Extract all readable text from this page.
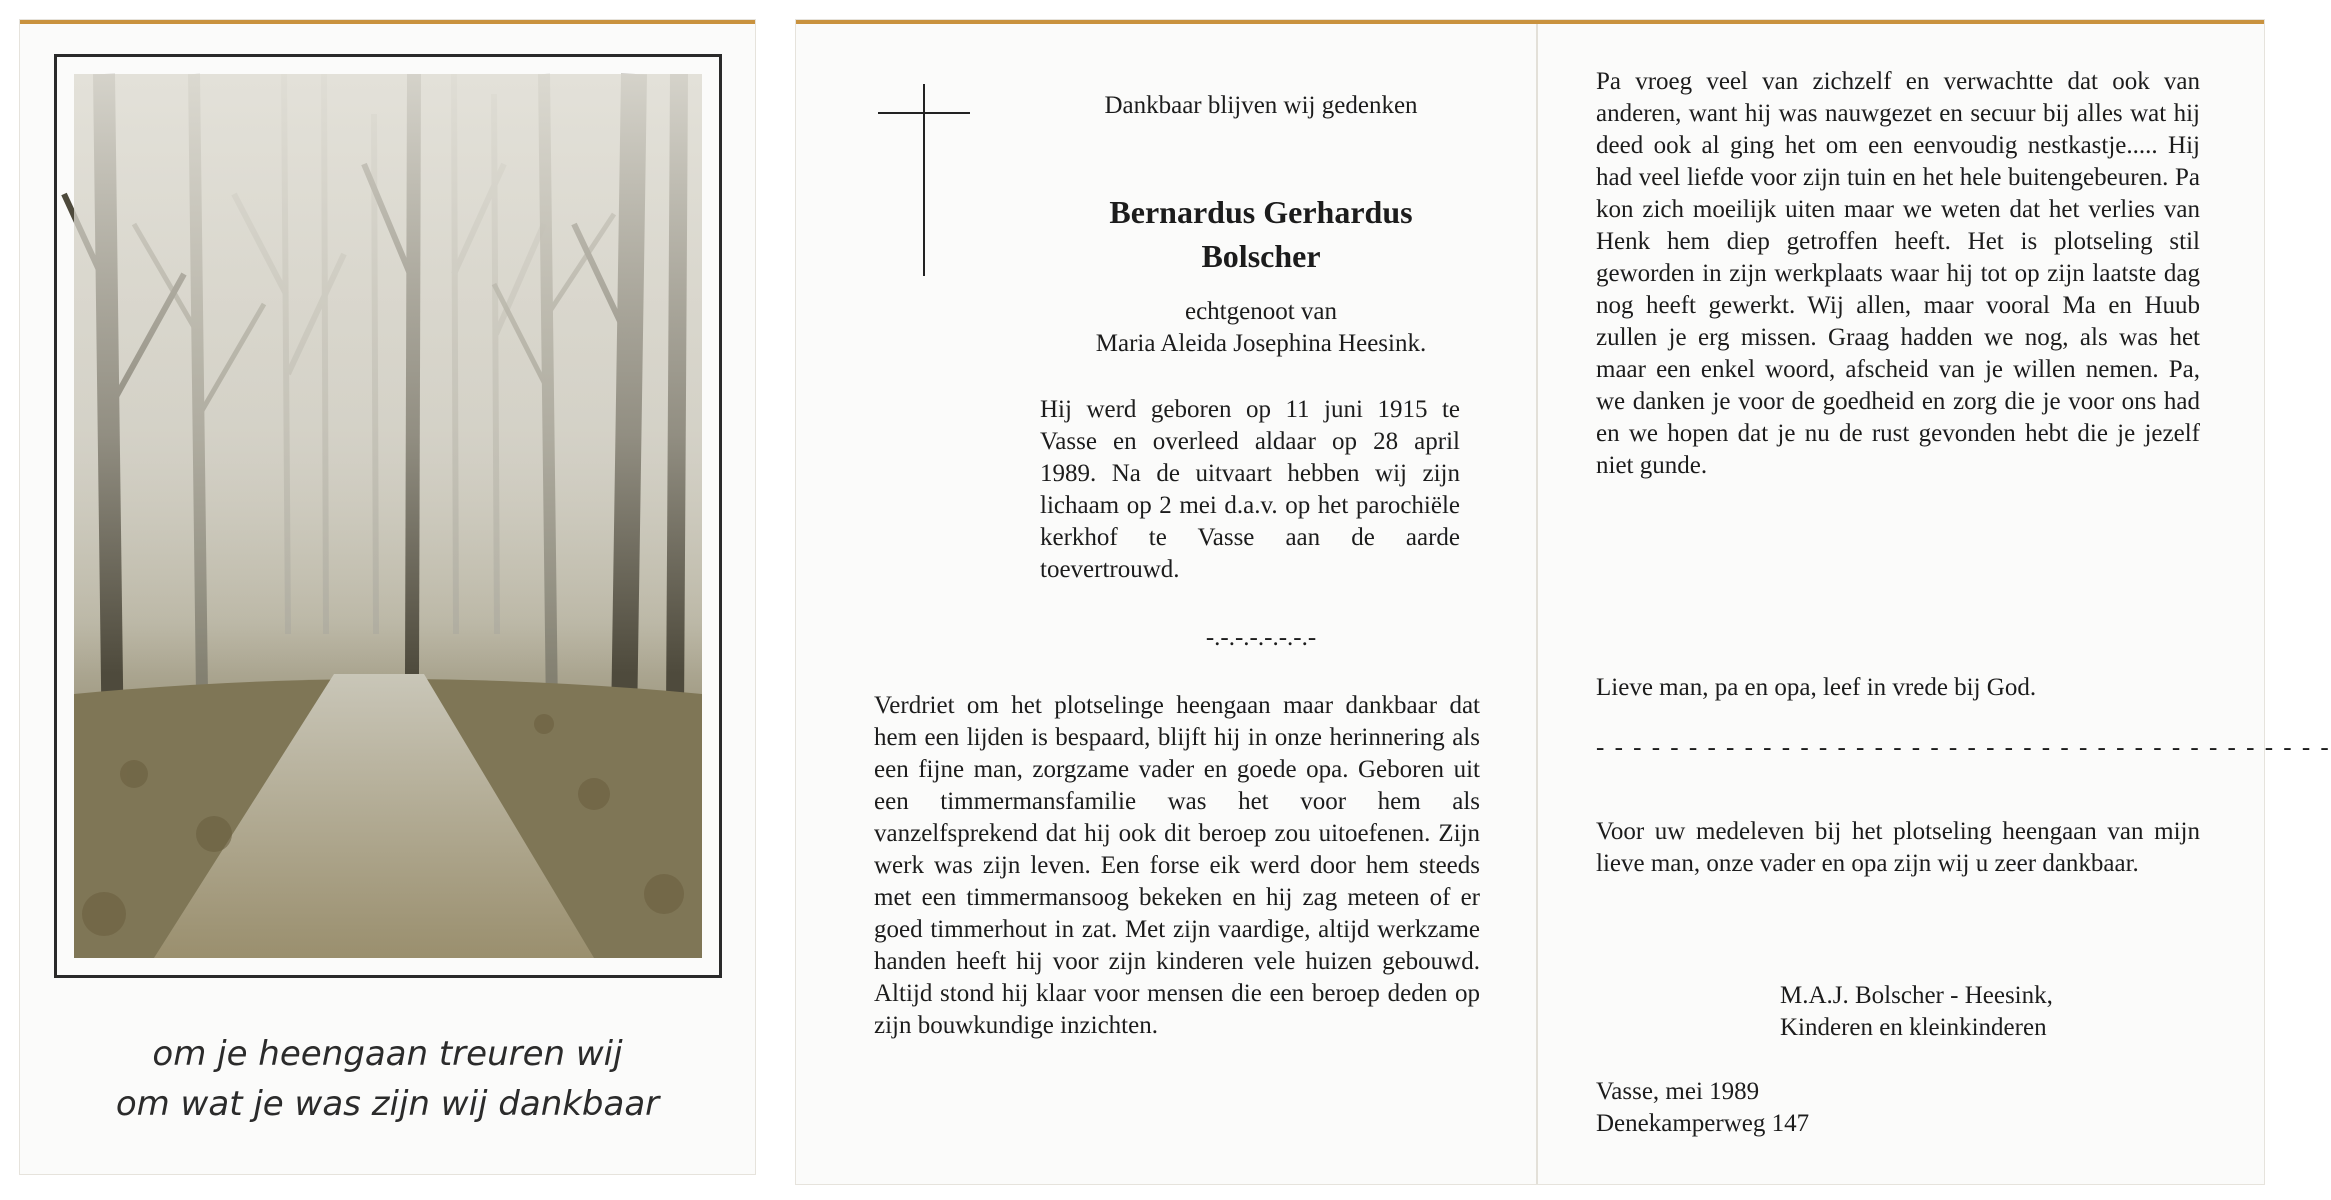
om je heengaan treuren wij
om wat je was zijn wij dankbaar
Dankbaar blijven wij gedenken
Bernardus Gerhardus
Bolscher
echtgenoot van
Maria Aleida Josephina Heesink.
Hij werd geboren op 11 juni 1915 te Vasse en overleed aldaar op 28 april 1989. Na de uitvaart hebben wij zijn lichaam op 2 mei d.a.v. op het parochiële kerkhof te Vasse aan de aarde toevertrouwd.
-.-.-.-.-.-.-.-
Verdriet om het plotselinge heengaan maar dankbaar dat hem een lijden is bespaard, blijft hij in onze herinnering als een fijne man, zorgzame vader en goede opa. Geboren uit een timmermansfamilie was het voor hem als vanzelfsprekend dat hij ook dit beroep zou uitoefenen. Zijn werk was zijn leven. Een forse eik werd door hem steeds met een timmermansoog bekeken en hij zag meteen of er goed timmerhout in zat. Met zijn vaardige, altijd werkzame handen heeft hij voor zijn kinderen vele huizen gebouwd. Altijd stond hij klaar voor mensen die een beroep deden op zijn bouwkundige inzichten.
Pa vroeg veel van zichzelf en verwachtte dat ook van anderen, want hij was nauwgezet en secuur bij alles wat hij deed ook al ging het om een eenvoudig nestkastje..... Hij had veel liefde voor zijn tuin en het hele buitengebeuren. Pa kon zich moeilijk uiten maar we weten dat het verlies van Henk hem diep getroffen heeft. Het is plotseling stil geworden in zijn werkplaats waar hij tot op zijn laatste dag nog heeft gewerkt. Wij allen, maar vooral Ma en Huub zullen je erg missen. Graag hadden we nog, als was het maar een enkel woord, afscheid van je willen nemen. Pa, we danken je voor de goedheid en zorg die je voor ons had en we hopen dat je nu de rust gevonden hebt die je jezelf niet gunde.
Lieve man, pa en opa, leef in vrede bij God.
- - - - - - - - - - - - - - - - - - - - - - - - - - - - - - - - - - - - - - - -
Voor uw medeleven bij het plotseling heengaan van mijn lieve man, onze vader en opa zijn wij u zeer dankbaar.
M.A.J. Bolscher - Heesink,
Kinderen en kleinkinderen
Vasse, mei 1989
Denekamperweg 147
